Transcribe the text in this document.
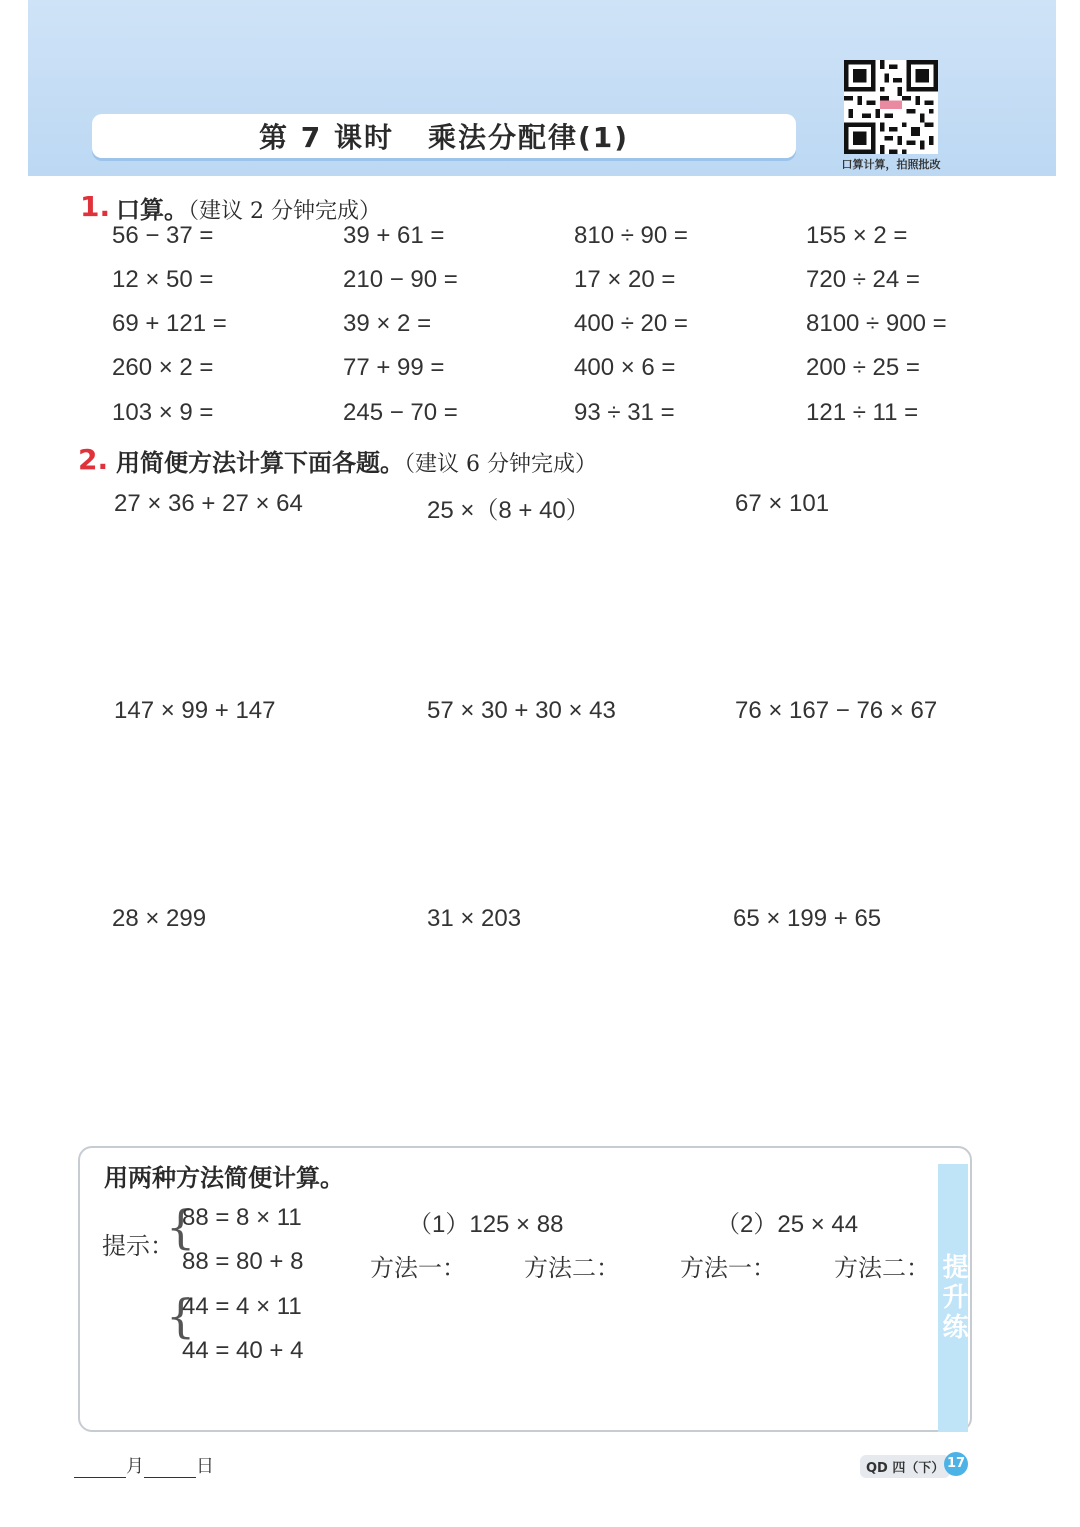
第 7 课时 乘法分配律(1)
口算计算，拍照批改
1. 口算。（建议 2 分钟完成）
56 − 37 =	39 + 61 =	810 ÷ 90 =	155 × 2 =
12 × 50 =	210 − 90 =	17 × 20 =	720 ÷ 24 =
69 + 121 =	39 × 2 =	400 ÷ 20 =	8100 ÷ 900 =
260 × 2 =	77 + 99 =	400 × 6 =	200 ÷ 25 =
103 × 9 =	245 − 70 =	93 ÷ 31 =	121 ÷ 11 =
2. 用简便方法计算下面各题。（建议 6 分钟完成）
27 × 36 + 27 × 64	25 ×（8 + 40）	67 × 101
147 × 99 + 147	57 × 30 + 30 × 43	76 × 167 − 76 × 67
28 × 299	31 × 203	65 × 199 + 65
提升练
用两种方法简便计算。
提示：
{
88 = 8 × 11
88 = 80 + 8
{
44 = 4 × 11
44 = 40 + 4
（1）125 × 88	（2）25 × 44
方法一： 方法二：	方法一： 方法二：
月	日	QD 四（下） 17
